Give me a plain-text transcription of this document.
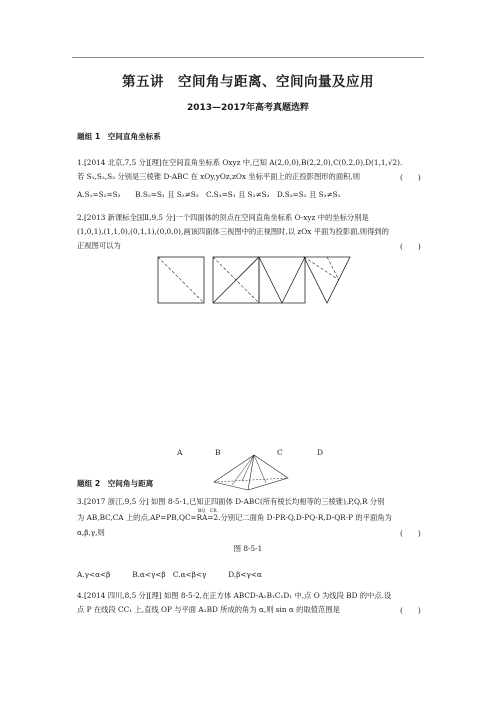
第五讲　空间角与距离、空间向量及应用
2013—2017年高考真题选粹
题组 1　空间直角坐标系
1.[2014 北京,7,5 分][理]在空间直角坐标系 Oxyz 中,已知 A(2,0,0),B(2,2,0),C(0,2,0),D(1,1,√2).
若 S₁,S₂,S₃ 分别是三棱锥 D-ABC 在 xOy,yOz,zOx 坐标平面上的正投影图形的面积,则	(　　)
A.S₁=S₂=S₃　　B.S₂=S₁ 且 S₂≠S₃　C.S₃=S₁ 且 S₃≠S₂　D.S₃=S₂ 且 S₃≠S₁
2.[2013 新课标全国Ⅱ,9,5 分]一个四面体的顶点在空间直角坐标系 O-xyz 中的坐标分别是
(1,0,1),(1,1,0),(0,1,1),(0,0,0),画该四面体三视图中的正视图时,以 zOx 平面为投影面,则得到的
正视图可以为	(　　)
A	B	C	D
题组 2　空间角与距离
3.[2017 浙江,9,5 分] 如图 8-5-1,已知正四面体 D-ABC(所有棱长均相等的三棱锥),P,Q,R 分别
BQ　CR
为 AB,BC,CA 上的点,AP=PB,QC=RA=2.分别记二面角 D-PR-Q,D-PQ-R,D-QR-P 的平面角为
α,β,γ,则	(　　)
图 8-5-1
A.γ<α<β　　　B.α<γ<β　C.α<β<γ　　　D.β<γ<α
4.[2014 四川,8,5 分][理] 如图 8-5-2,在正方体 ABCD-A₁B₁C₁D₁ 中,点 O 为线段 BD 的中点.设
点 P 在线段 CC₁ 上,直线 OP 与平面 A₁BD 所成的角为 α,则 sin α 的取值范围是	(　　)
